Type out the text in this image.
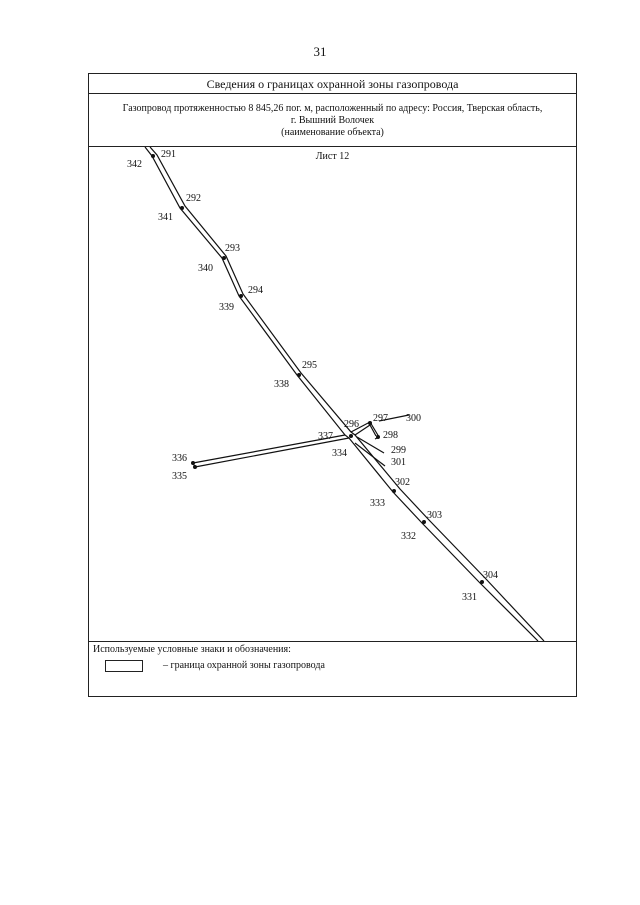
31
Сведения о границах охранной зоны газопровода
Газопровод протяженностью 8 845,26 пог. м, расположенный по адресу: Россия, Тверская область,
г. Вышний Волочек
(наименование объекта)
Лист 12
291
292
293
294
295
296
297
298
299
300
301
302
303
304
331
332
333
334
335
336
337
338
339
340
341
342
Используемые условные знаки и обозначения:
– граница охранной зоны газопровода
